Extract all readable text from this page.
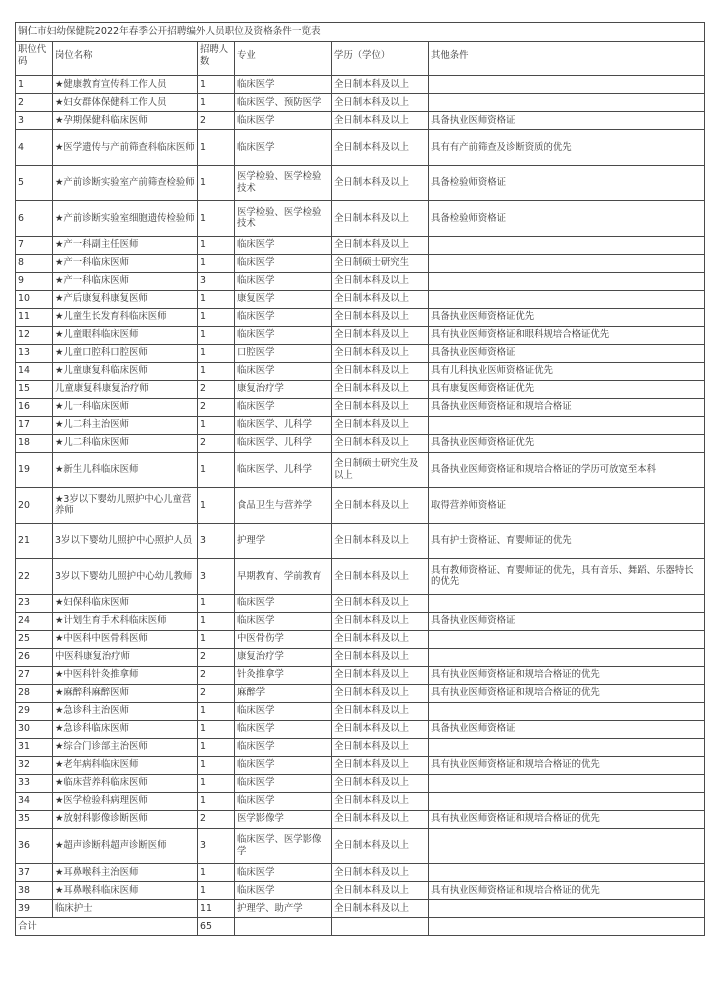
铜仁市妇幼保健院2022年春季公开招聘编外人员职位及资格条件一览表					
职位代码	岗位名称	招聘人数	专业	学历（学位）	其他条件
1	★健康教育宣传科工作人员	1	临床医学	全日制本科及以上	
2	★妇女群体保健科工作人员	1	临床医学、预防医学	全日制本科及以上	
3	★孕期保健科临床医师	2	临床医学	全日制本科及以上	具备执业医师资格证
4	★医学遗传与产前筛查科临床医师	1	临床医学	全日制本科及以上	具有有产前筛查及诊断资质的优先
5	★产前诊断实验室产前筛查检验师	1	医学检验、医学检验技术	全日制本科及以上	具备检验师资格证
6	★产前诊断实验室细胞遗传检验师	1	医学检验、医学检验技术	全日制本科及以上	具备检验师资格证
7	★产一科副主任医师	1	临床医学	全日制本科及以上	
8	★产一科临床医师	1	临床医学	全日制硕士研究生	
9	★产一科临床医师	3	临床医学	全日制本科及以上	
10	★产后康复科康复医师	1	康复医学	全日制本科及以上	
11	★儿童生长发育科临床医师	1	临床医学	全日制本科及以上	具备执业医师资格证优先
12	★儿童眼科临床医师	1	临床医学	全日制本科及以上	具有执业医师资格证和眼科规培合格证优先
13	★儿童口腔科口腔医师	1	口腔医学	全日制本科及以上	具备执业医师资格证
14	★儿童康复科临床医师	1	临床医学	全日制本科及以上	具有儿科执业医师资格证优先
15	儿童康复科康复治疗师	2	康复治疗学	全日制本科及以上	具有康复医师资格证优先
16	★儿一科临床医师	2	临床医学	全日制本科及以上	具备执业医师资格证和规培合格证
17	★儿二科主治医师	1	临床医学、儿科学	全日制本科及以上	
18	★儿二科临床医师	2	临床医学、儿科学	全日制本科及以上	具备执业医师资格证优先
19	★新生儿科临床医师	1	临床医学、儿科学	全日制硕士研究生及以上	具备执业医师资格证和规培合格证的学历可放宽至本科
20	★3岁以下婴幼儿照护中心儿童营养师	1	食品卫生与营养学	全日制本科及以上	取得营养师资格证
21	3岁以下婴幼儿照护中心照护人员	3	护理学	全日制本科及以上	具有护士资格证、育婴师证的优先
22	3岁以下婴幼儿照护中心幼儿教师	3	早期教育、学前教育	全日制本科及以上	具有教师资格证、育婴师证的优先，具有音乐、舞蹈、乐器特长的优先
23	★妇保科临床医师	1	临床医学	全日制本科及以上	
24	★计划生育手术科临床医师	1	临床医学	全日制本科及以上	具备执业医师资格证
25	★中医科中医骨科医师	1	中医骨伤学	全日制本科及以上	
26	中医科康复治疗师	2	康复治疗学	全日制本科及以上	
27	★中医科针灸推拿师	2	针灸推拿学	全日制本科及以上	具有执业医师资格证和规培合格证的优先
28	★麻醉科麻醉医师	2	麻醉学	全日制本科及以上	具有执业医师资格证和规培合格证的优先
29	★急诊科主治医师	1	临床医学	全日制本科及以上	
30	★急诊科临床医师	1	临床医学	全日制本科及以上	具备执业医师资格证
31	★综合门诊部主治医师	1	临床医学	全日制本科及以上	
32	★老年病科临床医师	1	临床医学	全日制本科及以上	具有执业医师资格证和规培合格证的优先
33	★临床营养科临床医师	1	临床医学	全日制本科及以上	
34	★医学检验科病理医师	1	临床医学	全日制本科及以上	
35	★放射科影像诊断医师	2	医学影像学	全日制本科及以上	具有执业医师资格证和规培合格证的优先
36	★超声诊断科超声诊断医师	3	临床医学、医学影像学	全日制本科及以上	
37	★耳鼻喉科主治医师	1	临床医学	全日制本科及以上	
38	★耳鼻喉科临床医师	1	临床医学	全日制本科及以上	具有执业医师资格证和规培合格证的优先
39	临床护士	11	护理学、助产学	全日制本科及以上	
合计		65			
